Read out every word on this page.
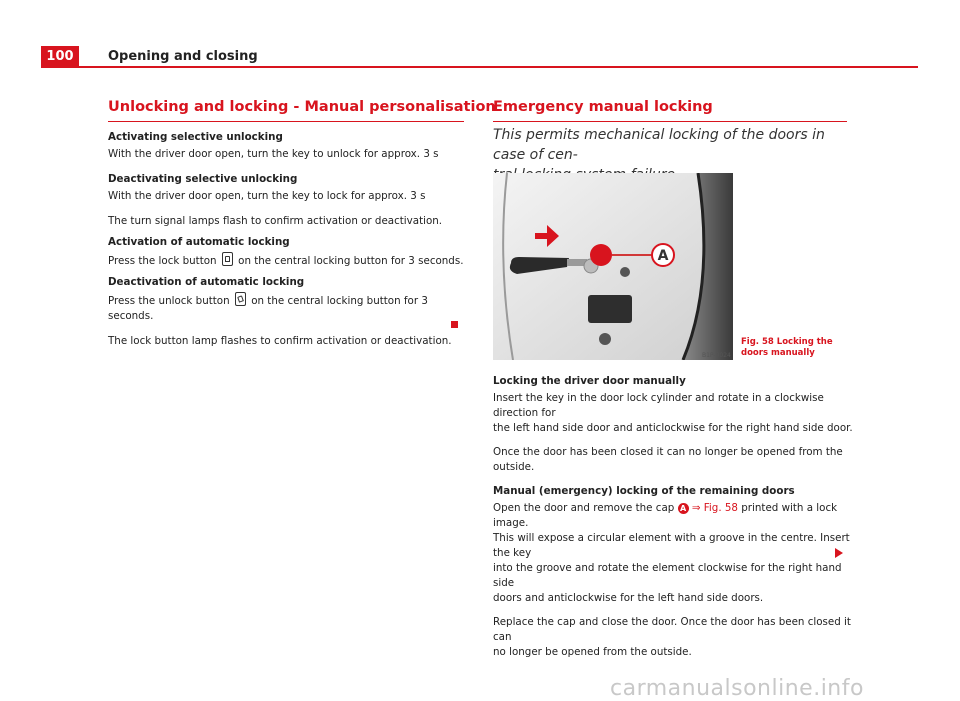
100	Opening and closing
Unlocking and locking - Manual personalisation

Activating selective unlocking

With the driver door open, turn the key to unlock for approx. 3 s

Deactivating selective unlocking

With the driver door open, turn the key to lock for approx. 3 s

The turn signal lamps flash to confirm activation or deactivation.

Activation of automatic locking

Press the lock button on the central locking button for 3 seconds.

Deactivation of automatic locking

Press the unlock button on the central locking button for 3 seconds.

The lock button lamp flashes to confirm activation or deactivation.

Emergency manual locking
This permits mechanical locking of the doors in case of cen-
A
B1P-0024
Fig. 58 Locking the
doors manually

Locking the driver door manually

Insert the key in the door lock cylinder and rotate in a clockwise direction for

the left hand side door and anticlockwise for the right hand side door.

Once the door has been closed it can no longer be opened from the outside.

Manual (emergency) locking of the remaining doors

Open the door and remove the cap A ⇒ Fig. 58 printed with a lock image.

This will expose a circular element with a groove in the centre. Insert the key

into the groove and rotate the element clockwise for the right hand side

doors and anticlockwise for the left hand side doors.

Replace the cap and close the door. Once the door has been closed it can

no longer be opened from the outside.

carmanualsonline.info
